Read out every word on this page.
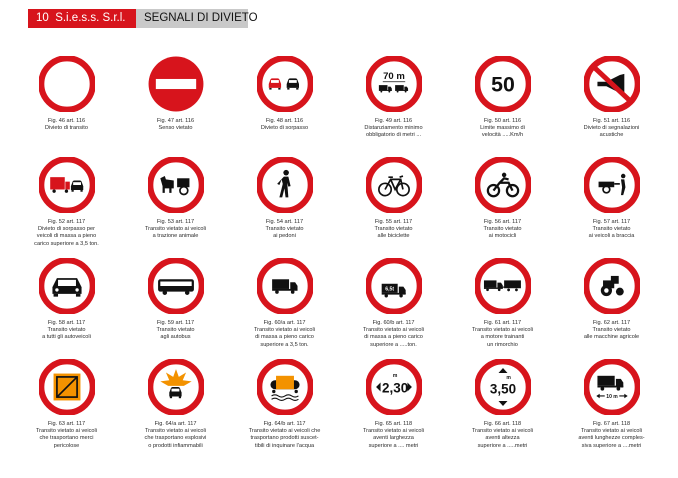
10 S.i.e.s.s. S.r.l.	SEGNALI DI DIVIETO
Fig. 46 art. 116
Divieto di transito
Fig. 47 art. 116
Senso vietato
Fig. 48 art. 116
Divieto di sorpasso
70 m
Fig. 49 art. 116
Distanziamento minimo
obbligatorio di metri ...
50
Fig. 50 art. 116
Limite massimo di
velocità .....Km/h
Fig. 51 art. 116
Divieto di segnalazioni
acustiche
Fig. 52 art. 117
Divieto di sorpasso per
veicoli di massa a pieno
carico superiore a 3,5 ton.
Fig. 53 art. 117
Transito vietato ai veicoli
a trazione animale
Fig. 54 art. 117
Transito vietato
ai pedoni
Fig. 55 art. 117
Transito vietato
alle biciclette
Fig. 56 art. 117
Transito vietato
ai motocicli
Fig. 57 art. 117
Transito vietato
ai veicoli a braccia
Fig. 58 art. 117
Transito vietato
a tutti gli autoveicoli
Fig. 59 art. 117
Transito vietato
agli autobus
Fig. 60/a art. 117
Transito vietato ai veicoli
di massa a pieno carico
superiore a 3,5 ton.
6,5t
Fig. 60/b art. 117
Transito vietato ai veicoli
di massa a pieno carico
superiore a .....ton.
Fig. 61 art. 117
Transito vietato ai veicoli
a motore trainanti
un rimorchio
Fig. 62 art. 117
Transito vietato
alle macchine agricole
Fig. 63 art. 117
Transito vietato ai veicoli
che trasportano merci
pericolose
Fig. 64/a art. 117
Transito vietato ai veicoli
che trasportano esplosivi
o prodotti infiammabili
Fig. 64/b art. 117
Transito vietato ai veicoli che
trasportano prodotti suscet-
tibili di inquinare l'acqua
m
2,30
Fig. 65 art. 118
Transito vietato ai veicoli
aventi larghezza
superiore a .... metri
m
3,50
Fig. 66 art. 118
Transito vietato ai veicoli
aventi altezza
superiore a .....metri
10 m
Fig. 67 art. 118
Transito vietato ai veicoli
aventi lunghezze comples-
siva superiore a ....metri
